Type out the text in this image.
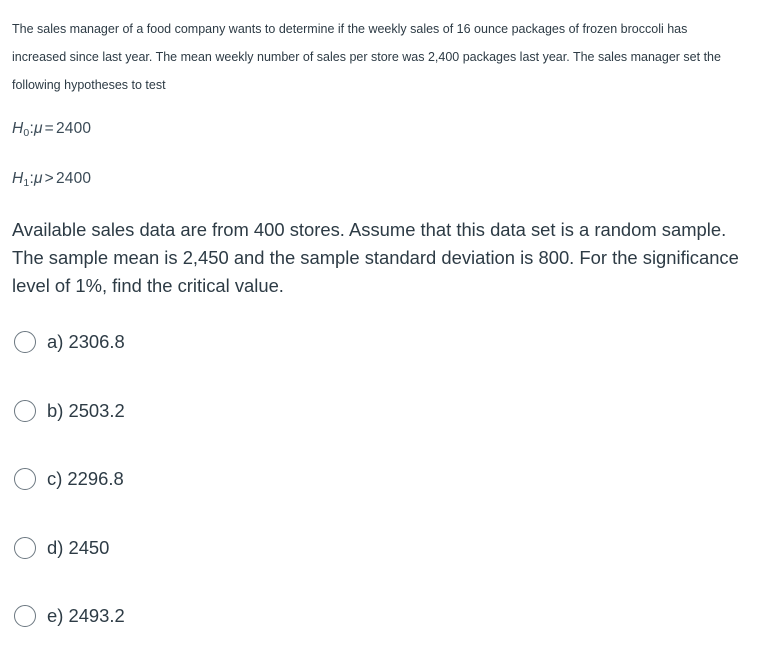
The sales manager of a food company wants to determine if the weekly sales of 16 ounce packages of frozen broccoli has increased since last year. The mean weekly number of sales per store was 2,400 packages last year. The sales manager set the following hypotheses to test

$H_0:\mu = 2400$
$H_1:\mu > 2400$

Available sales data are from 400 stores. Assume that this data set is a random sample. The sample mean is 2,450 and the sample standard deviation is 800. For the significance level of 1%, find the critical value.

a) 2306.8
b) 2503.2
c) 2296.8
d) 2450
e) 2493.2
